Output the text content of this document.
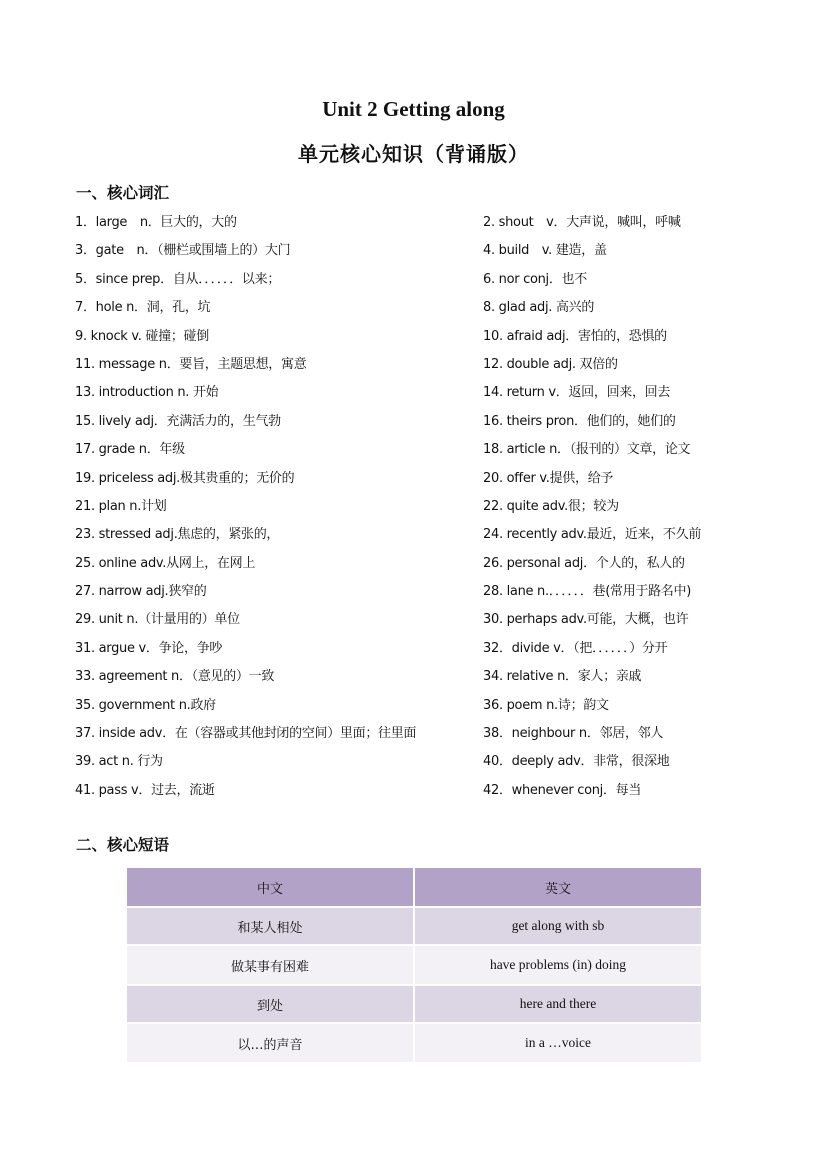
Unit 2 Getting along
单元核心知识（背诵版）
一、核心词汇
1．large　n．巨大的，大的	2. shout　v．大声说，喊叫，呼喊
3．gate　n．（栅栏或围墙上的）大门	4. build　v. 建造，盖
5．since prep．自从．．．．．．以来；	6. nor conj．也不
7．hole n．洞，孔，坑	8. glad adj. 高兴的
9. knock v. 碰撞；碰倒	10. afraid adj．害怕的，恐惧的
11. message n．要旨，主题思想，寓意	12. double adj. 双倍的
13. introduction n. 开始	14. return v．返回，回来，回去
15. lively adj．充满活力的，生气勃	16. theirs pron．他们的，她们的
17. grade n．年级	18. article n．（报刊的）文章，论文
19. priceless adj.极其贵重的；无价的	20. offer v.提供，给予
21. plan n.计划	22. quite adv.很；较为
23. stressed adj.焦虑的，紧张的，	24. recently adv.最近，近来，不久前
25. online adv.从网上，在网上	26. personal adj．个人的，私人的
27. narrow adj.狭窄的	28. lane n.．．．．．．巷(常用于路名中)
29. unit n.（计量用的）单位	30. perhaps adv.可能，大概，也许
31. argue v．争论，争吵	32．divide v．（把．．．．．．）分开
33. agreement n．（意见的）一致	34. relative n．家人；亲戚
35. government n.政府	36. poem n.诗；韵文
37. inside adv．在（容器或其他封闭的空间）里面；往里面	38．neighbour n．邻居，邻人
39. act n. 行为	40．deeply adv．非常，很深地
41. pass v．过去，流逝	42．whenever conj．每当
二、核心短语
中文	英文
和某人相处	get along with sb
做某事有困难	have problems (in) doing
到处	here and there
以…的声音	in a …voice
